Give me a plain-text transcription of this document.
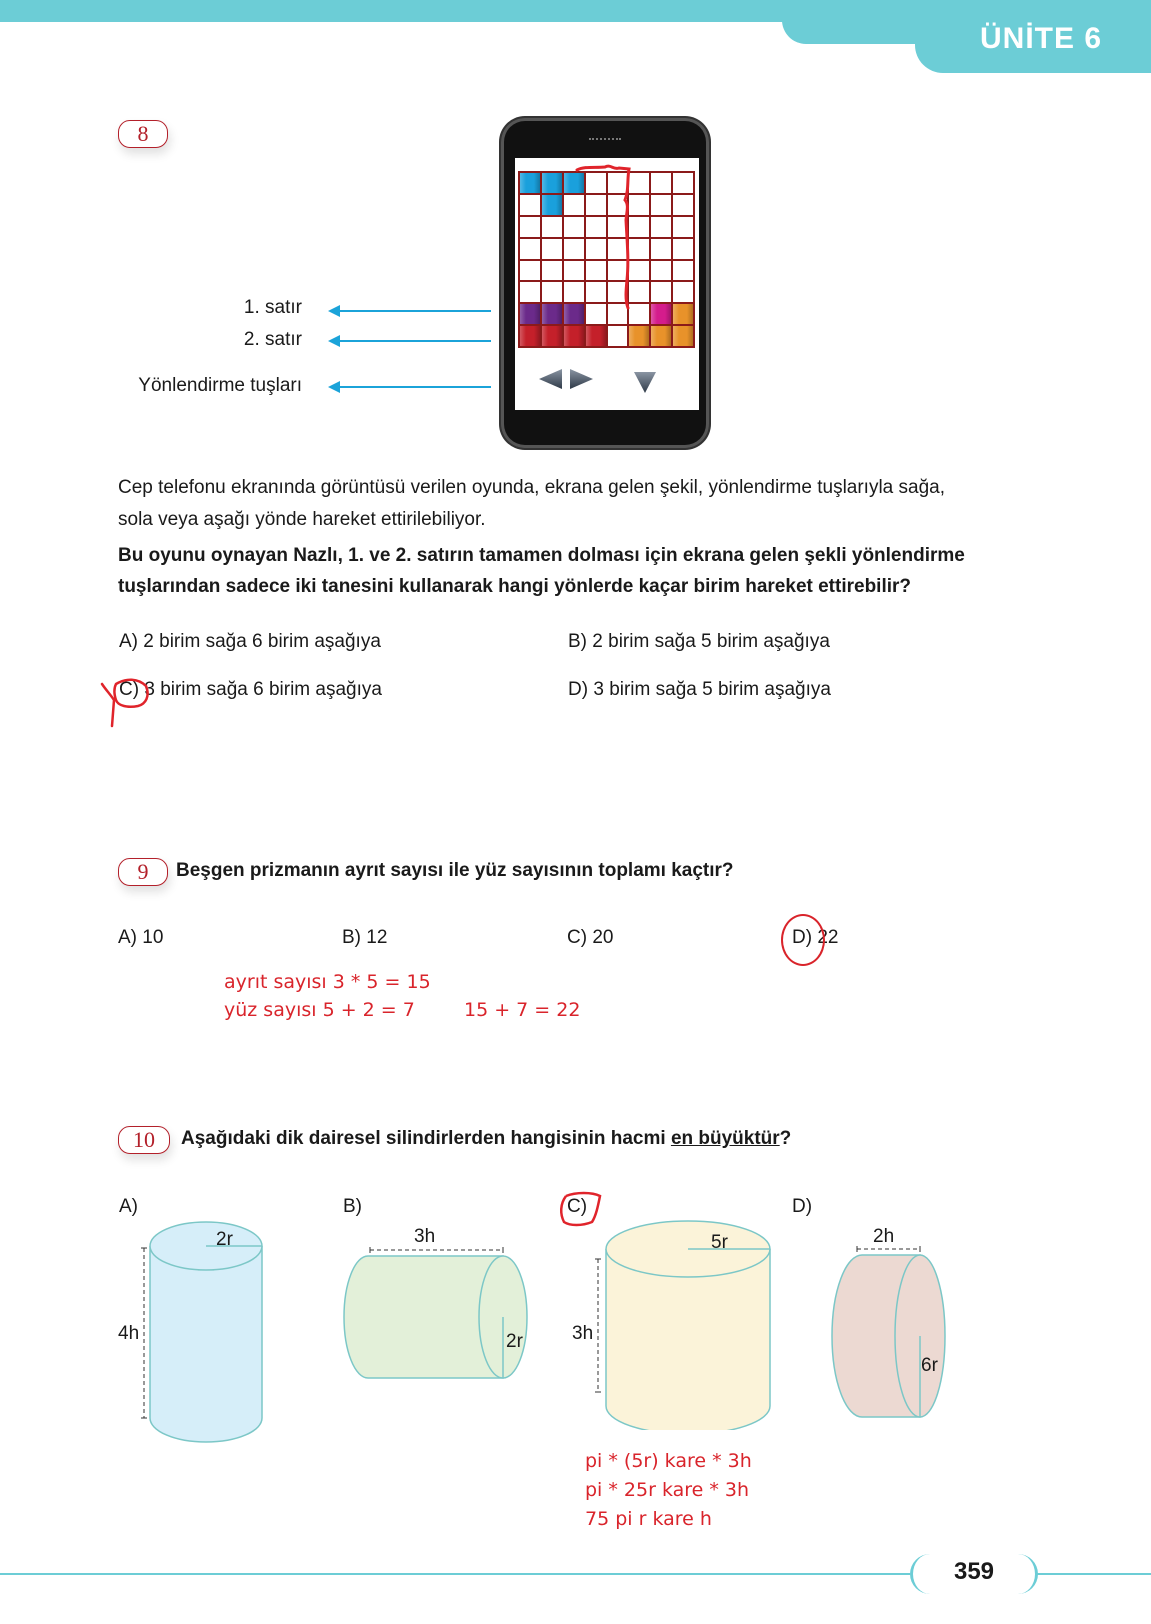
ÜNİTE 6
8
1. satır
2. satır
Yönlendirme tuşları
Cep telefonu ekranında görüntüsü verilen oyunda, ekrana gelen şekil, yönlendirme tuşlarıyla sağa,
sola veya aşağı yönde hareket ettirilebiliyor.
Bu oyunu oynayan Nazlı, 1. ve 2. satırın tamamen dolması için ekrana gelen şekli yönlendirme
tuşlarından sadece iki tanesini kullanarak hangi yönlerde kaçar birim hareket ettirebilir?
A) 2 birim sağa 6 birim aşağıya	B) 2 birim sağa 5 birim aşağıya
C) 3 birim sağa 6 birim aşağıya	D) 3 birim sağa 5 birim aşağıya
9	Beşgen prizmanın ayrıt sayısı ile yüz sayısının toplamı kaçtır?
A) 10	B) 12	C) 20	D) 22
ayrıt sayısı 3 * 5 = 15
yüz sayısı 5 + 2 = 7	15 + 7 = 22
10	Aşağıdaki dik dairesel silindirlerden hangisinin hacmi en büyüktür?
A)	B)	C)	D)
2r
4h
3h
2r
5r
3h
2h
6r
pi * (5r) kare * 3h
pi * 25r kare * 3h
75 pi r kare h
359
